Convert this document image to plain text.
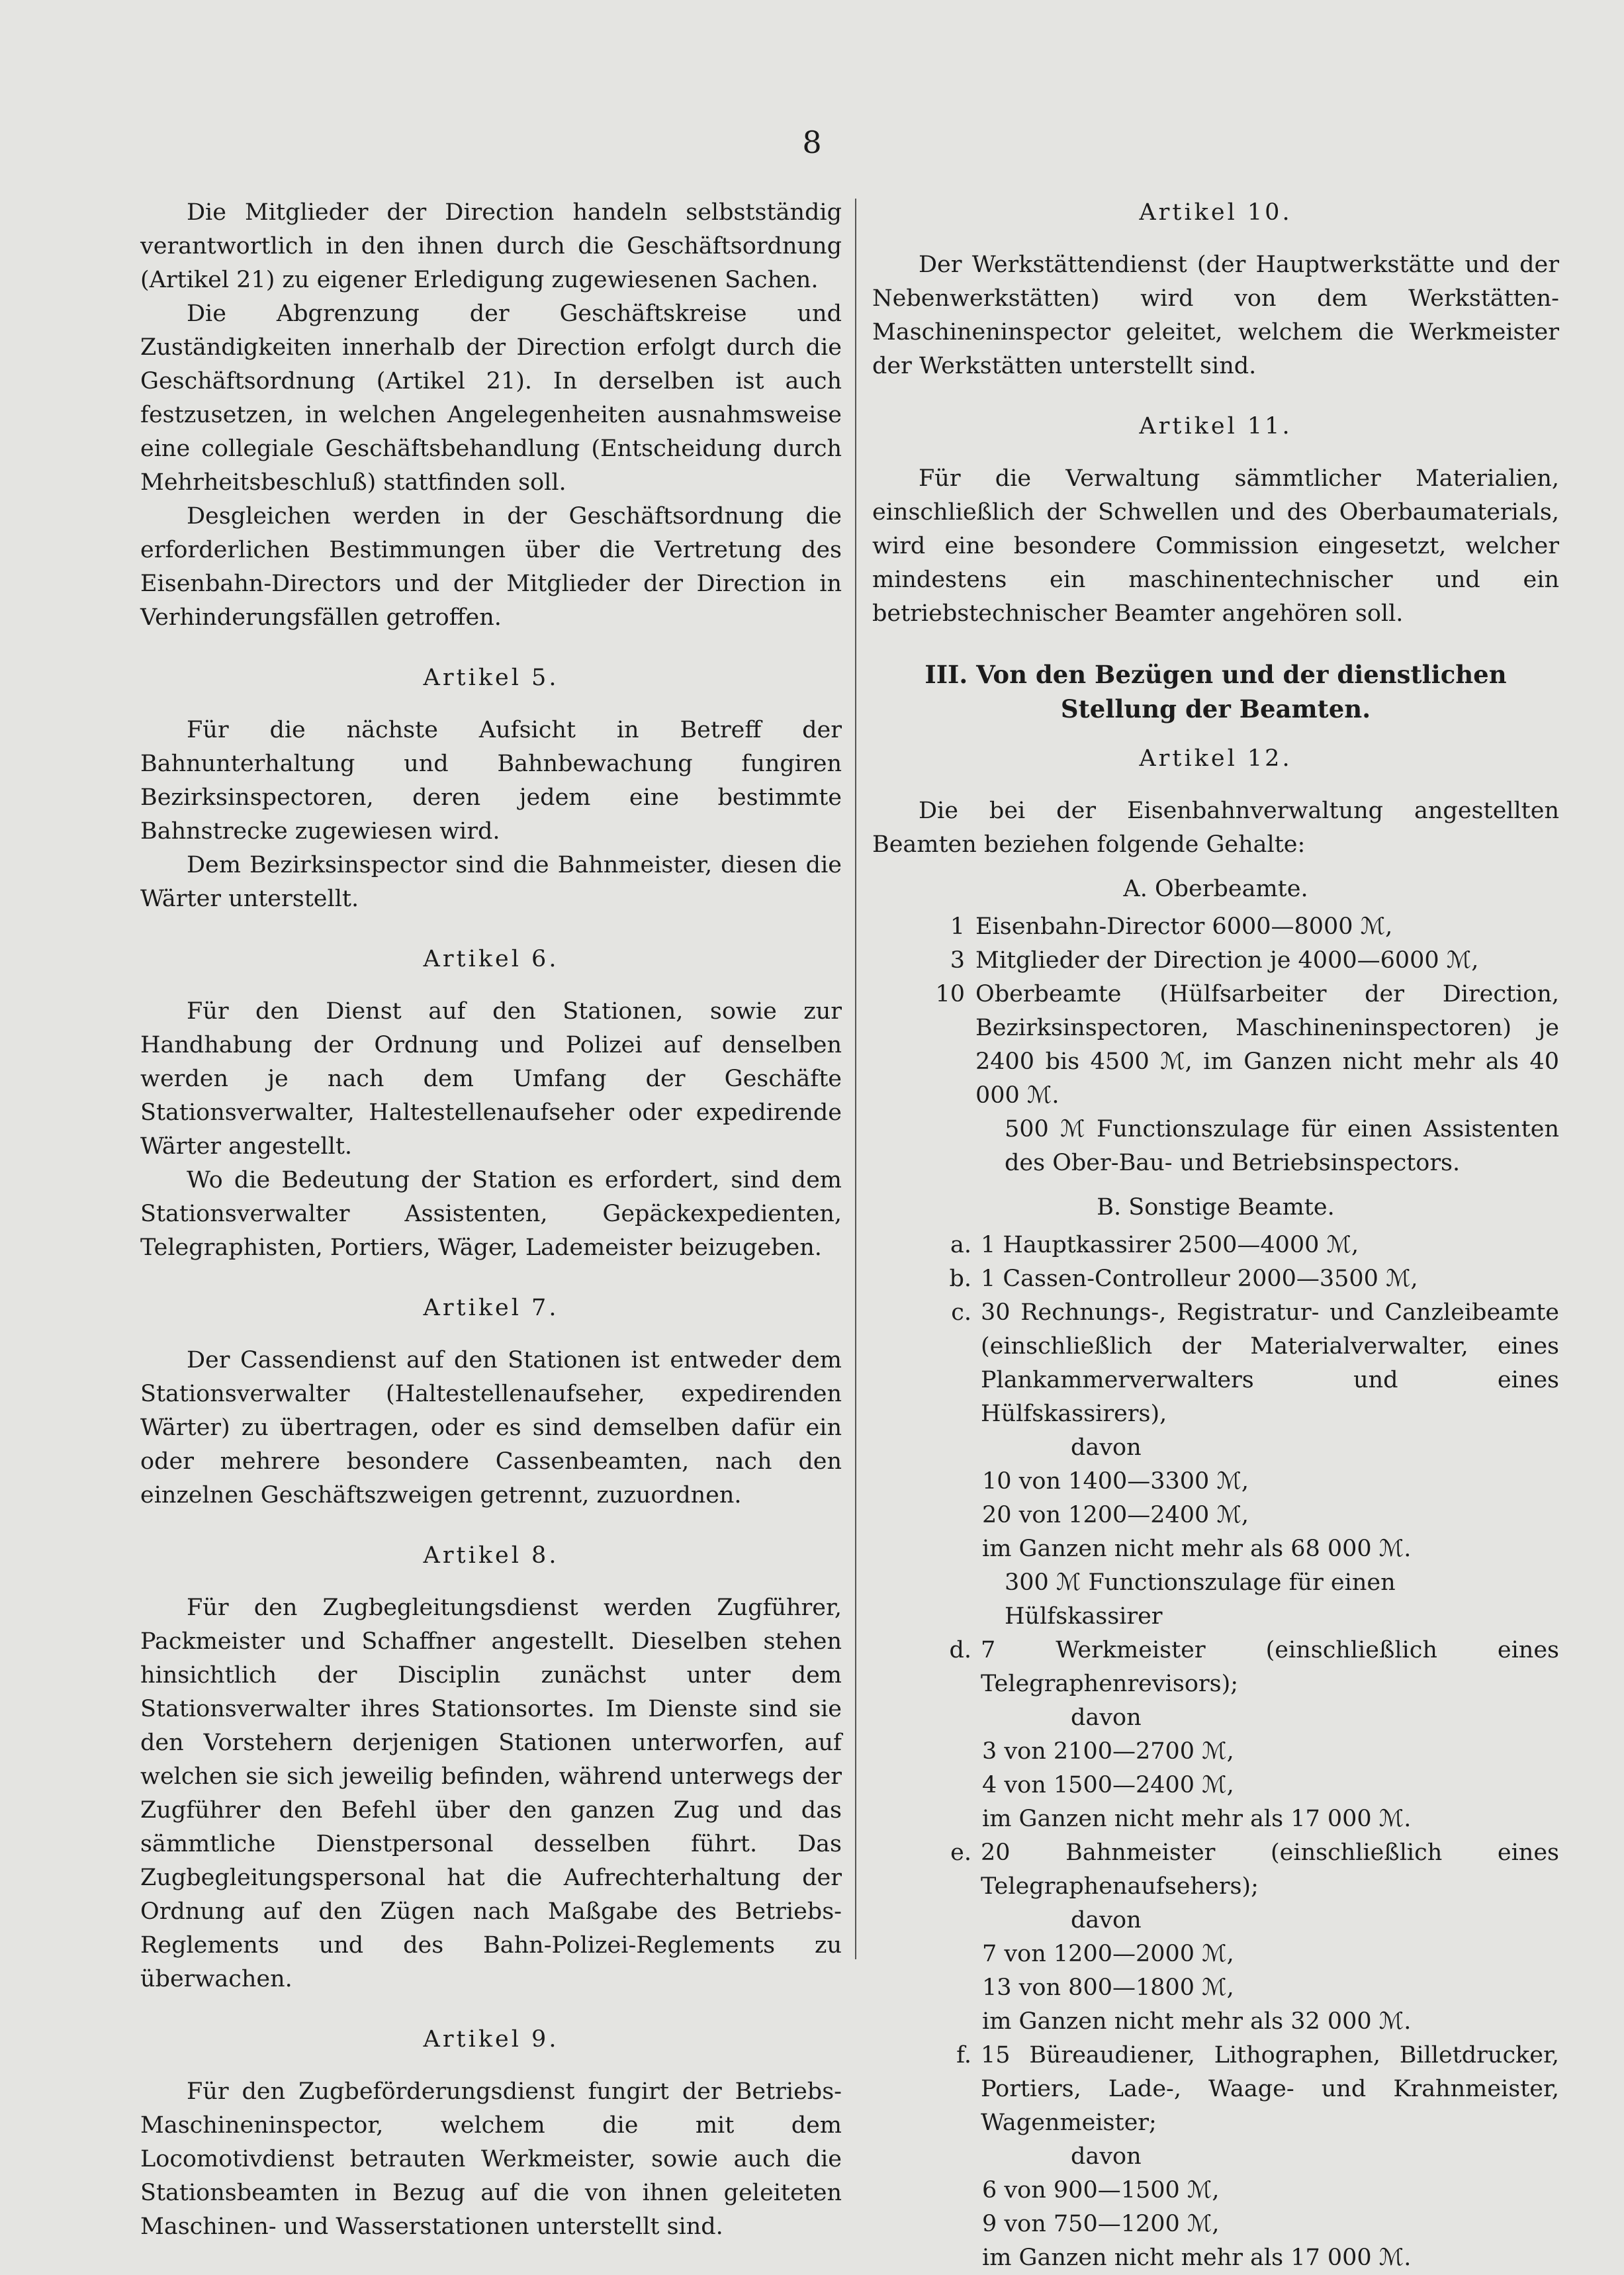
8

Die Mitglieder der Direction handeln selbstständig verantwortlich in den ihnen durch die Geschäftsordnung (Artikel 21) zu eigener Erledigung zugewiesenen Sachen.

Die Abgrenzung der Geschäftskreise und Zuständigkeiten innerhalb der Direction erfolgt durch die Geschäftsordnung (Artikel 21). In derselben ist auch festzusetzen, in welchen Angelegenheiten ausnahmsweise eine collegiale Geschäftsbehandlung (Entscheidung durch Mehrheitsbeschluß) stattfinden soll.

Desgleichen werden in der Geschäftsordnung die erforderlichen Bestimmungen über die Vertretung des Eisenbahn-Directors und der Mitglieder der Direction in Verhinderungsfällen getroffen.

Artikel 5.

Für die nächste Aufsicht in Betreff der Bahnunterhaltung und Bahnbewachung fungiren Bezirksinspectoren, deren jedem eine bestimmte Bahnstrecke zugewiesen wird.

Dem Bezirksinspector sind die Bahnmeister, diesen die Wärter unterstellt.

Artikel 6.

Für den Dienst auf den Stationen, sowie zur Handhabung der Ordnung und Polizei auf denselben werden je nach dem Umfang der Geschäfte Stationsverwalter, Haltestellenaufseher oder expedirende Wärter angestellt.

Wo die Bedeutung der Station es erfordert, sind dem Stationsverwalter Assistenten, Gepäckexpedienten, Telegraphisten, Portiers, Wäger, Lademeister beizugeben.

Artikel 7.

Der Cassendienst auf den Stationen ist entweder dem Stationsverwalter (Haltestellenaufseher, expedirenden Wärter) zu übertragen, oder es sind demselben dafür ein oder mehrere besondere Cassenbeamten, nach den einzelnen Geschäftszweigen getrennt, zuzuordnen.

Artikel 8.

Für den Zugbegleitungsdienst werden Zugführer, Packmeister und Schaffner angestellt. Dieselben stehen hinsichtlich der Disciplin zunächst unter dem Stationsverwalter ihres Stationsortes. Im Dienste sind sie den Vorstehern derjenigen Stationen unterworfen, auf welchen sie sich jeweilig befinden, während unterwegs der Zugführer den Befehl über den ganzen Zug und das sämmtliche Dienstpersonal desselben führt. Das Zugbegleitungspersonal hat die Aufrechterhaltung der Ordnung auf den Zügen nach Maßgabe des Betriebs-Reglements und des Bahn-Polizei-Reglements zu überwachen.

Artikel 9.

Für den Zugbeförderungsdienst fungirt der Betriebs-Maschineninspector, welchem die mit dem Locomotivdienst betrauten Werkmeister, sowie auch die Stationsbeamten in Bezug auf die von ihnen geleiteten Maschinen- und Wasserstationen unterstellt sind.

Artikel 10.

Der Werkstättendienst (der Hauptwerkstätte und der Nebenwerkstätten) wird von dem Werkstätten-Maschineninspector geleitet, welchem die Werkmeister der Werkstätten unterstellt sind.

Artikel 11.

Für die Verwaltung sämmtlicher Materialien, einschließlich der Schwellen und des Oberbaumaterials, wird eine besondere Commission eingesetzt, welcher mindestens ein maschinentechnischer und ein betriebstechnischer Beamter angehören soll.

III. Von den Bezügen und der dienstlichen Stellung der Beamten.
Artikel 12.

Die bei der Eisenbahnverwaltung angestellten Beamten beziehen folgende Gehalte:

A. Oberbeamte.
1 Eisenbahn-Director 6000—8000 ℳ,
3 Mitglieder der Direction je 4000—6000 ℳ,
10 Oberbeamte (Hülfsarbeiter der Direction, Bezirksinspectoren, Maschineninspectoren) je 2400 bis 4500 ℳ, im Ganzen nicht mehr als 40 000 ℳ.
500 ℳ Functionszulage für einen Assistenten des Ober-Bau- und Betriebsinspectors.
B. Sonstige Beamte.
a. 1 Hauptkassirer 2500—4000 ℳ,
b. 1 Cassen-Controlleur 2000—3500 ℳ,
c. 30 Rechnungs-, Registratur- und Canzleibeamte (einschließlich der Materialverwalter, eines Plankammerverwalters und eines Hülfskassirers),
davon
10 von 1400—3300 ℳ,
20 von 1200—2400 ℳ,
im Ganzen nicht mehr als 68 000 ℳ.
300 ℳ Functionszulage für einen Hülfskassirer
d. 7 Werkmeister (einschließlich eines Telegraphenrevisors);
davon
3 von 2100—2700 ℳ,
4 von 1500—2400 ℳ,
im Ganzen nicht mehr als 17 000 ℳ.
e. 20 Bahnmeister (einschließlich eines Telegraphenaufsehers);
davon
7 von 1200—2000 ℳ,
13 von 800—1800 ℳ,
im Ganzen nicht mehr als 32 000 ℳ.
f. 15 Büreaudiener, Lithographen, Billetdrucker, Portiers, Lade-, Waage- und Krahnmeister, Wagenmeister;
davon
6 von 900—1500 ℳ,
9 von 750—1200 ℳ,
im Ganzen nicht mehr als 17 000 ℳ.
